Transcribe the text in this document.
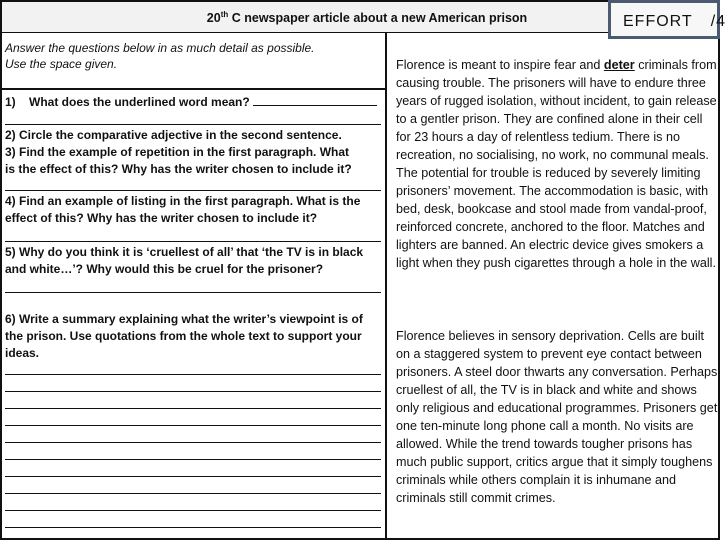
20th C newspaper article about a new American prison	EFFORT /4
Answer the questions below in as much detail as possible.
Use the space given.
1) What does the underlined word mean?
2) Circle the comparative adjective in the second sentence.
3) Find the example of repetition in the first paragraph. What is the effect of this? Why has the writer chosen to include it?
4) Find an example of listing in the first paragraph. What is the effect of this? Why has the writer chosen to include it?
5) Why do you think it is ‘cruellest of all’ that ‘the TV is in black and white…’? Why would this be cruel for the prisoner?
6) Write a summary explaining what the writer’s viewpoint is of the prison. Use quotations from the whole text to support your ideas.
Florence is meant to inspire fear and deter criminals from causing trouble. The prisoners will have to endure three years of rugged isolation, without incident, to gain release to a gentler prison. They are confined alone in their cell for 23 hours a day of relentless tedium. There is no recreation, no socialising, no work, no communal meals. The potential for trouble is reduced by severely limiting prisoners’ movement. The accommodation is basic, with bed, desk, bookcase and stool made from vandal-proof, reinforced concrete, anchored to the floor. Matches and lighters are banned. An electric device gives smokers a light when they push cigarettes through a hole in the wall.
Florence believes in sensory deprivation. Cells are built on a staggered system to prevent eye contact between prisoners. A steel door thwarts any conversation. Perhaps cruellest of all, the TV is in black and white and shows only religious and educational programmes. Prisoners get one ten-minute long phone call a month. No visits are allowed. While the trend towards tougher prisons has much public support, critics argue that it simply toughens criminals while others complain it is inhumane and criminals still commit crimes.
